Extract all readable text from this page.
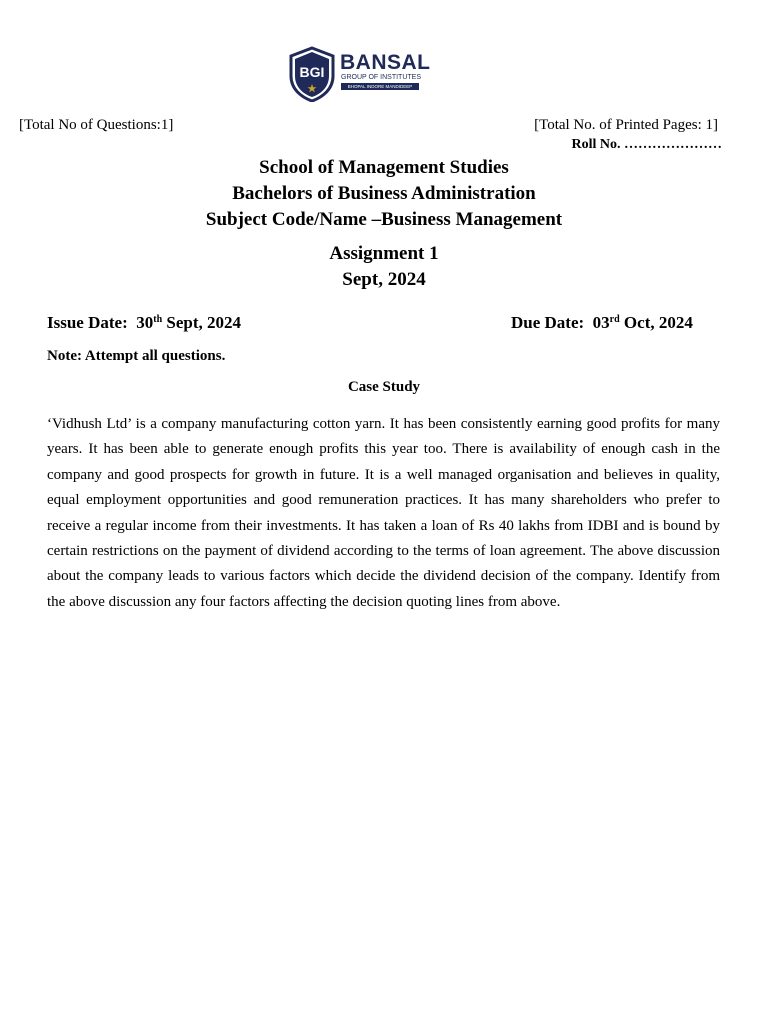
BGI BANSAL
GROUP OF INSTITUTES
BHOPAL INDORE MANDIDEEP
[Total No of Questions:1]	[Total No. of Printed Pages: 1]
Roll No. …………………
School of Management Studies
Bachelors of Business Administration
Subject Code/Name –Business Management
Assignment 1
Sept, 2024
Issue Date: 30th Sept, 2024	Due Date: 03rd Oct, 2024
Note: Attempt all questions.
Case Study

‘Vidhush Ltd’ is a company manufacturing cotton yarn. It has been consistently earning good profits for many years. It has been able to generate enough profits this year too. There is availability of enough cash in the company and good prospects for growth in future. It is a well managed organisation and believes in quality, equal employment opportunities and good remuneration practices. It has many shareholders who prefer to receive a regular income from their investments. It has taken a loan of Rs 40 lakhs from IDBI and is bound by certain restrictions on the payment of dividend according to the terms of loan agreement. The above discussion about the company leads to various factors which decide the dividend decision of the company. Identify from the above discussion any four factors affecting the decision quoting lines from above.
